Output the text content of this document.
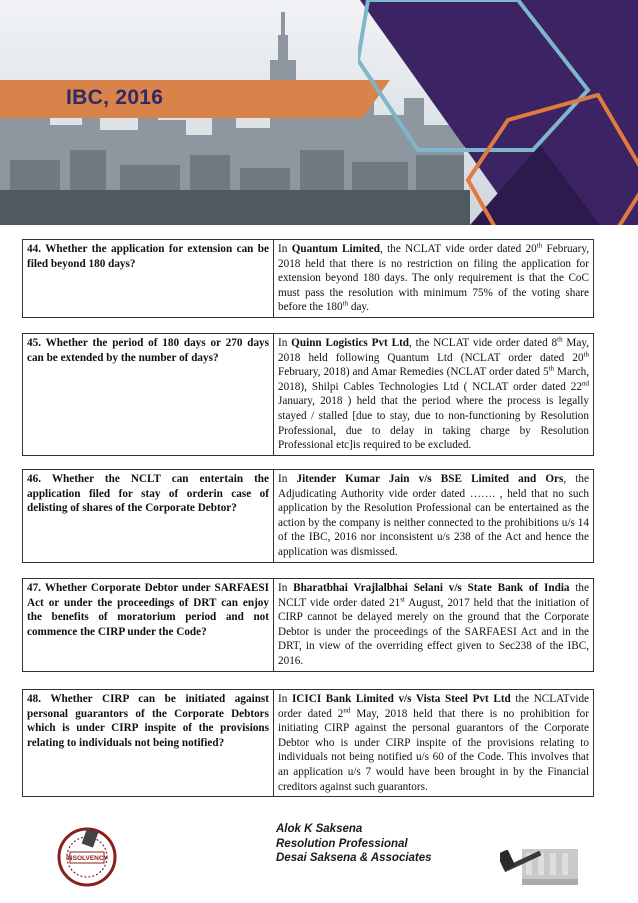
IBC, 2016
44. Whether the application for extension can be filed beyond 180 days?	In Quantum Limited, the NCLAT vide order dated 20th February, 2018 held that there is no restriction on filing the application for extension beyond 180 days. The only requirement is that the CoC must pass the resolution with minimum 75% of the voting share before the 180th day.
45. Whether the period of 180 days or 270 days can be extended by the number of days?	In Quinn Logistics Pvt Ltd, the NCLAT vide order dated 8th May, 2018 held following Quantum Ltd (NCLAT order dated 20th February, 2018) and Amar Remedies (NCLAT order dated 5th March, 2018), Shilpi Cables Technologies Ltd ( NCLAT order dated 22nd January, 2018 ) held that the period where the process is legally stayed / stalled [due to stay, due to non-functioning by Resolution Professional, due to delay in taking charge by Resolution Professional etc]is required to be excluded.
46. Whether the NCLT can entertain the application filed for stay of orderin case of delisting of shares of the Corporate Debtor?	In Jitender Kumar Jain v/s BSE Limited and Ors, the Adjudicating Authority vide order dated ……. , held that no such application by the Resolution Professional can be entertained as the action by the company is neither connected to the prohibitions u/s 14 of the IBC, 2016 nor inconsistent u/s 238 of the Act and hence the application was dismissed.
47. Whether Corporate Debtor under SARFAESI Act or under the proceedings of DRT can enjoy the benefits of moratorium period and not commence the CIRP under the Code?	In Bharatbhai Vrajlalbhai Selani v/s State Bank of India the NCLT vide order dated 21st August, 2017 held that the initiation of CIRP cannot be delayed merely on the ground that the Corporate Debtor is under the proceedings of the SARFAESI Act and in the DRT, in view of the overriding effect given to Sec238 of the IBC, 2016.
48. Whether CIRP can be initiated against personal guarantors of the Corporate Debtors which is under CIRP inspite of the provisions relating to individuals not being notified?	In ICICI Bank Limited v/s Vista Steel Pvt Ltd the NCLATvide order dated 2nd May, 2018 held that there is no prohibition for initiating CIRP against the personal guarantors of the Corporate Debtor who is under CIRP inspite of the provisions relating to individuals not being notified u/s 60 of the Code. This involves that an application u/s 7 would have been brought in by the Financial creditors against such guarantors.
INSOLVENCY
Alok K Saksena
Resolution Professional
Desai Saksena & Associates
